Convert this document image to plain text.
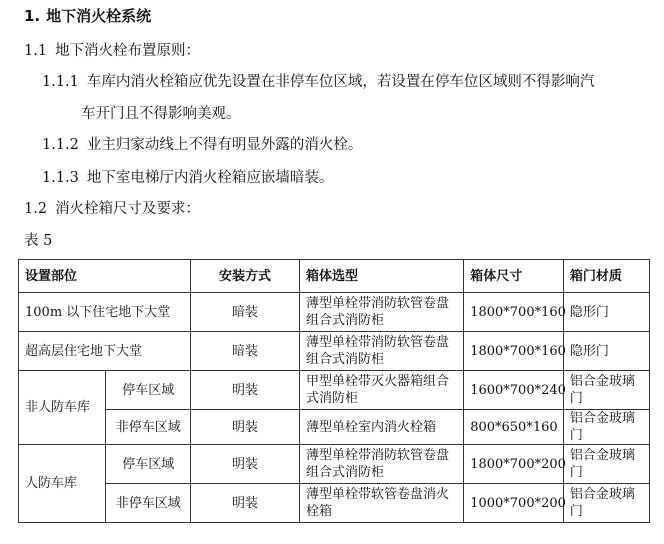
1. 地下消火栓系统
1.1 地下消火栓布置原则：
1.1.1 车库内消火栓箱应优先设置在非停车位区域，若设置在停车位区域则不得影响汽
车开门且不得影响美观。
1.1.2 业主归家动线上不得有明显外露的消火栓。
1.1.3 地下室电梯厅内消火栓箱应嵌墙暗装。
1.2 消火栓箱尺寸及要求：
表 5
设置部位		安装方式	箱体选型	箱体尺寸	箱门材质
100m 以下住宅地下大堂		暗装	薄型单栓带消防软管卷盘组合式消防柜	1800*700*160	隐形门
超高层住宅地下大堂		暗装	薄型单栓带消防软管卷盘组合式消防柜	1800*700*160	隐形门
非人防车库	停车区域	明装	甲型单栓带灭火器箱组合式消防柜	1600*700*240	铝合金玻璃门
	非停车区域	明装	薄型单栓室内消火栓箱	800*650*160	铝合金玻璃门
人防车库	停车区域	明装	薄型单栓带消防软管卷盘组合式消防柜	1800*700*200	铝合金玻璃门
	非停车区域	明装	薄型单栓带软管卷盘消火栓箱	1000*700*200	铝合金玻璃门
